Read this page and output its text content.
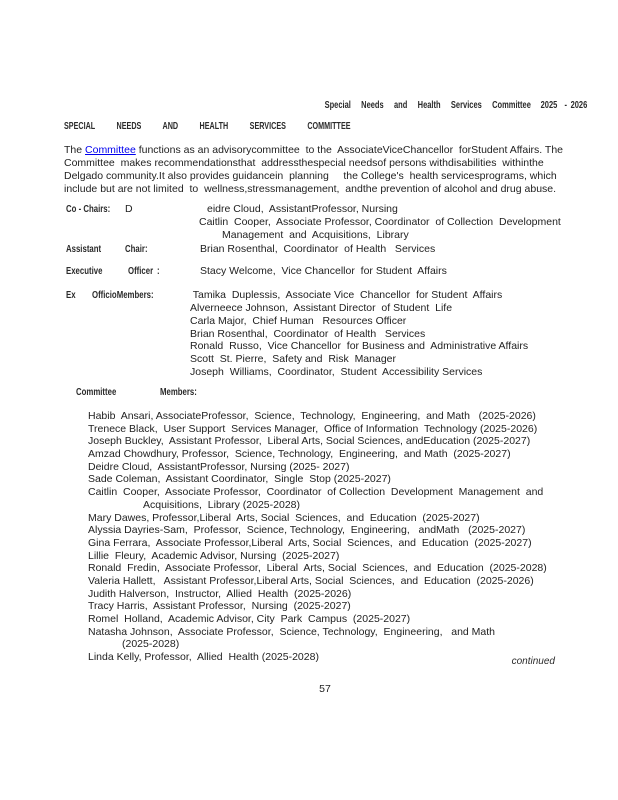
Special Needs and Health Services Committee 2025  - 2026
SPECIAL NEEDS AND HEALTH SERVICES COMMITTEE
The Committee functions as an advisorycommittee  to the  AssociateViceChancellor  forStudent Affairs. The
Committee  makes recommendationsthat  addressthespecial needsof persons withdisabilities  withinthe
Delgado community.It also provides guidancein  planning     the College's  health servicesprograms, which
include but are not limited  to  wellness,stressmanagement,  andthe prevention of alcohol and drug abuse.
Co - Chairs: D	eidre Cloud,  AssistantProfessor, Nursing
Caitlin  Cooper,  Associate Professor, Coordinator  of Collection  Development
Management  and  Acquisitions,  Library
Assistant Chair:	Brian Rosenthal,  Coordinator  of Health   Services
Executive	Officer :	Stacy Welcome,  Vice Chancellor  for Student  Affairs
Ex OfficioMembers:	Tamika  Duplessis,  Associate Vice  Chancellor  for Student  Affairs
Alverneece Johnson,  Assistant Director  of Student  Life
Carla Major,  Chief Human   Resources Officer
Brian Rosenthal,  Coordinator  of Health   Services
Ronald  Russo,  Vice Chancellor  for Business and  Administrative Affairs
Scott  St. Pierre,  Safety and  Risk  Manager
Joseph  Williams,  Coordinator,  Student  Accessibility Services
Committee	Members:
Habib  Ansari, AssociateProfessor,  Science,  Technology,  Engineering,  and Math   (2025-2026)
Trenece Black,  User Support  Services Manager,  Office of Information  Technology (2025-2026)
Joseph Buckley,  Assistant Professor,  Liberal Arts, Social Sciences, andEducation (2025-2027)
Amzad Chowdhury, Professor,  Science, Technology,  Engineering,  and Math  (2025-2027)
Deidre Cloud,  AssistantProfessor, Nursing (2025- 2027)
Sade Coleman,  Assistant Coordinator,  Single  Stop (2025-2027)
Caitlin  Cooper,  Associate Professor,  Coordinator  of Collection  Development  Management  and
Acquisitions,  Library (2025-2028)
Mary Dawes, Professor,Liberal  Arts, Social  Sciences,  and  Education  (2025-2027)
Alyssia Dayries-Sam,  Professor,  Science, Technology,  Engineering,   andMath   (2025-2027)
Gina Ferrara,  Associate Professor,Liberal  Arts, Social  Sciences,  and  Education  (2025-2027)
Lillie  Fleury,  Academic Advisor, Nursing  (2025-2027)
Ronald  Fredin,  Associate Professor,  Liberal  Arts, Social  Sciences,  and  Education  (2025-2028)
Valeria Hallett,   Assistant Professor,Liberal Arts, Social  Sciences,  and  Education  (2025-2026)
Judith Halverson,  Instructor,  Allied  Health  (2025-2026)
Tracy Harris,  Assistant Professor,  Nursing  (2025-2027)
Romel  Holland,  Academic Advisor, City  Park  Campus  (2025-2027)
Natasha Johnson,  Associate Professor,  Science, Technology,  Engineering,   and Math
(2025-2028)
Linda Kelly, Professor,  Allied  Health (2025-2028)	continued
57
